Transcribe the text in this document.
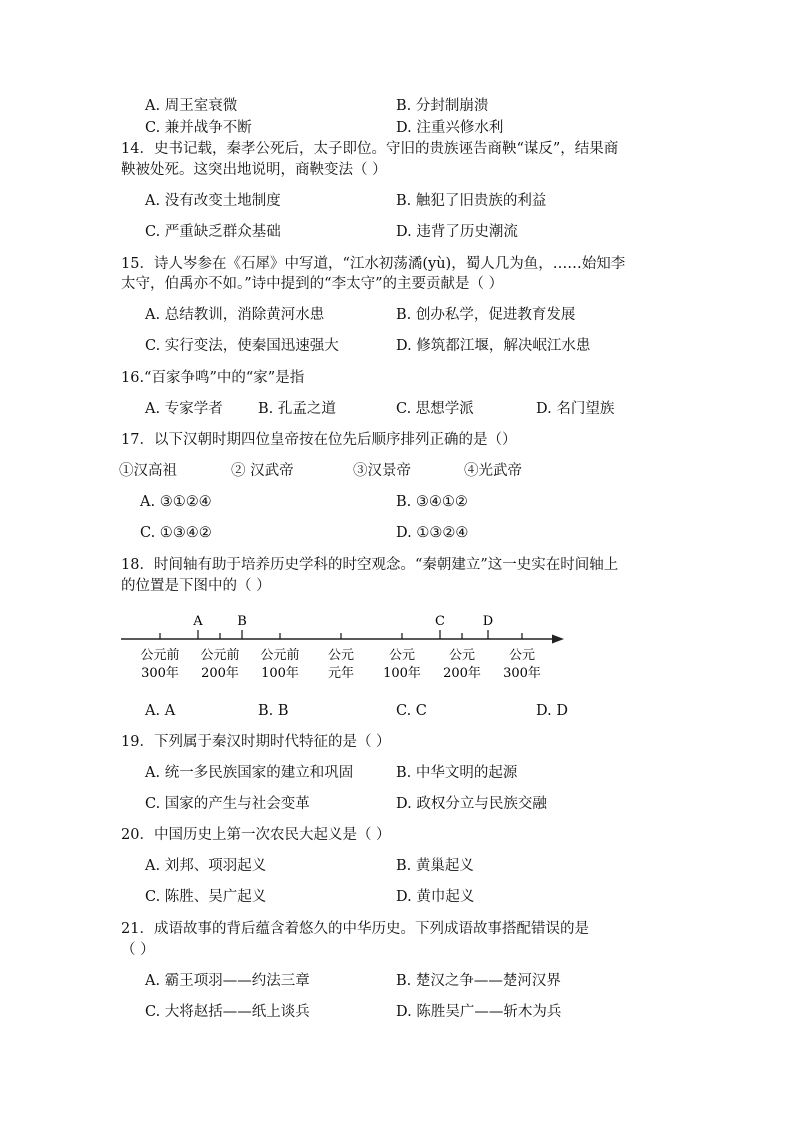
A. 周王室衰微	B. 分封制崩溃
C. 兼并战争不断	D. 注重兴修水利
14．史书记载，秦孝公死后，太子即位。守旧的贵族诬告商鞅“谋反”，结果商
鞅被处死。这突出地说明，商鞅变法（ ）
A. 没有改变土地制度	B. 触犯了旧贵族的利益
C. 严重缺乏群众基础	D. 违背了历史潮流
15．诗人岑参在《石犀》中写道，“江水初荡潏(yù)，蜀人几为鱼，……始知李
太守，伯禹亦不如。”诗中提到的“李太守”的主要贡献是（ ）
A. 总结教训，消除黄河水患	B. 创办私学，促进教育发展
C. 实行变法，使秦国迅速强大	D. 修筑都江堰，解决岷江水患
16.“百家争鸣”中的“家”是指
A. 专家学者 B. 孔孟之道	C. 思想学派	D. 名门望族
17．以下汉朝时期四位皇帝按在位先后顺序排列正确的是（）
①汉高祖	② 汉武帝	③汉景帝	④光武帝
A. ③①②④	B. ③④①②
C. ①③④②	D. ①③②④
18．时间轴有助于培养历史学科的时空观念。“秦朝建立”这一史实在时间轴上
的位置是下图中的（ ）
公元前
300年
公元前
200年
公元前
100年
公元
元年
公元
100年
公元
200年
公元
300年
A	B	C	D
A. A	B. B	C. C	D. D
19．下列属于秦汉时期时代特征的是（ ）
A. 统一多民族国家的建立和巩固	B. 中华文明的起源
C. 国家的产生与社会变革	D. 政权分立与民族交融
20．中国历史上第一次农民大起义是（ ）
A. 刘邦、项羽起义	B. 黄巢起义
C. 陈胜、吴广起义	D. 黄巾起义
21．成语故事的背后蕴含着悠久的中华历史。下列成语故事搭配错误的是
（ ）
A. 霸王项羽——约法三章	B. 楚汉之争——楚河汉界
C. 大将赵括——纸上谈兵	D. 陈胜吴广——斩木为兵
